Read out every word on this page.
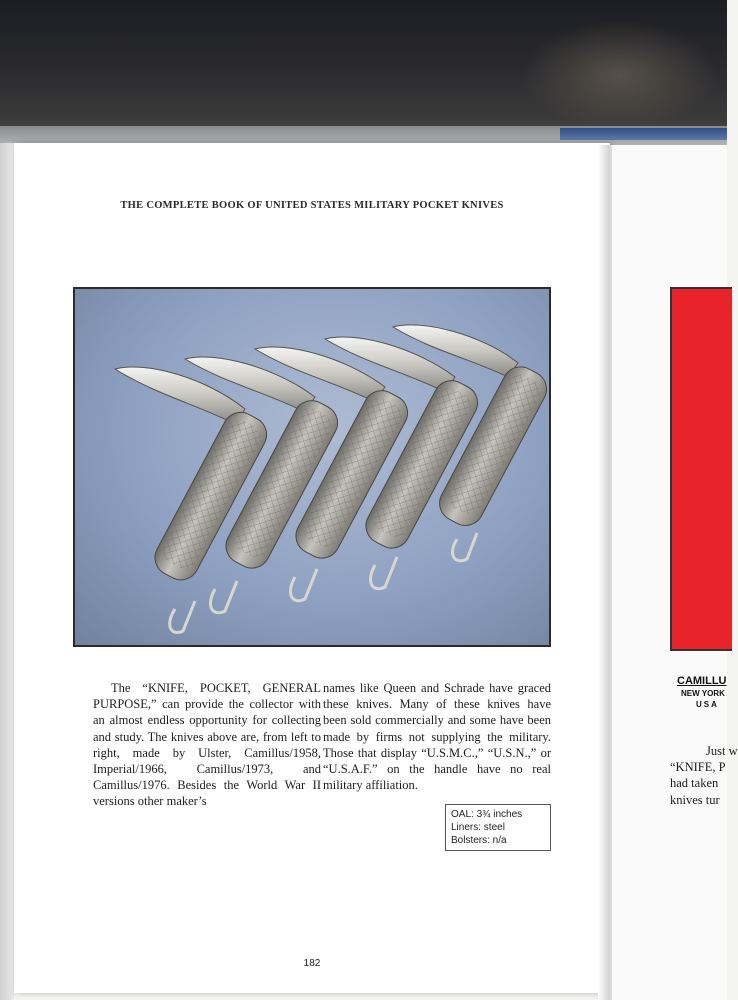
THE COMPLETE BOOK OF UNITED STATES MILITARY POCKET KNIVES

The “KNIFE, POCKET, GENERAL PURPOSE,” can provide the collector with an almost endless opportunity for collecting and study. The knives above are, from left to right, made by Ulster, Camillus/1958, Imperial/1966, Camillus/1973, and Camillus/1976. Besides the World War II versions other maker’s

names like Queen and Schrade have graced these knives. Many of these knives have been sold commercially and some have been made by firms not supplying the military. Those that display “U.S.M.C.,” “U.S.N.,” or “U.S.A.F.” on the handle have no real military affiliation.

OAL: 3¾ inches
Liners: steel
Bolsters: n/a
182
CAMILLU
NEW YORK
USA
Just w
“KNIFE, P
had taken
knives tur
